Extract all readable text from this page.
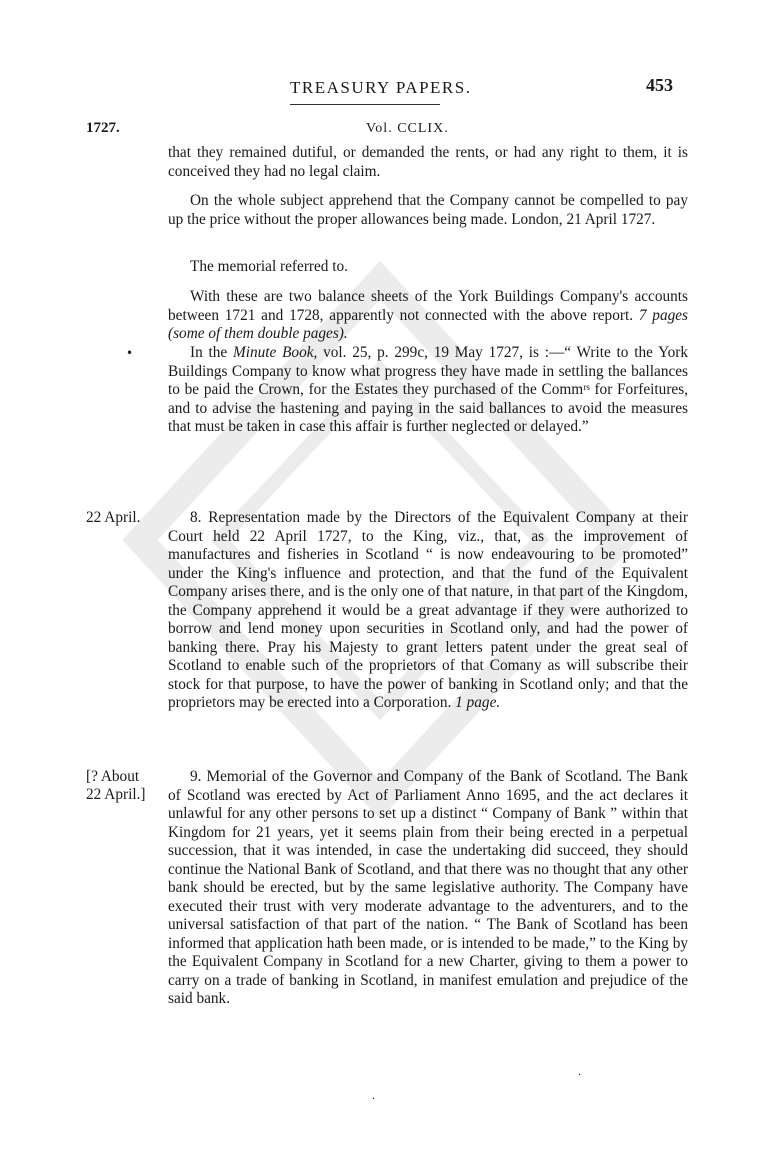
TREASURY PAPERS.	453
1727.	Vol. CCLIX.
that they remained dutiful, or demanded the rents, or had any right to them, it is conceived they had no legal claim.
On the whole subject apprehend that the Company cannot be compelled to pay up the price without the proper allowances being made. London, 21 April 1727.
The memorial referred to.
With these are two balance sheets of the York Buildings Company's accounts between 1721 and 1728, apparently not connected with the above report. 7 pages (some of them double pages).
•	In the Minute Book, vol. 25, p. 299c, 19 May 1727, is :—“ Write to the York Buildings Company to know what progress they have made in settling the ballances to be paid the Crown, for the Estates they purchased of the Commʳˢ for Forfeitures, and to advise the hastening and paying in the said ballances to avoid the measures that must be taken in case this affair is further neglected or delayed.”
22 April.	8. Representation made by the Directors of the Equivalent Company at their Court held 22 April 1727, to the King, viz., that, as the improvement of manufactures and fisheries in Scotland “ is now endeavouring to be promoted” under the King's influence and protection, and that the fund of the Equivalent Company arises there, and is the only one of that nature, in that part of the Kingdom, the Company apprehend it would be a great advantage if they were authorized to borrow and lend money upon securities in Scotland only, and had the power of banking there. Pray his Majesty to grant letters patent under the great seal of Scotland to enable such of the proprietors of that Comany as will subscribe their stock for that purpose, to have the power of banking in Scotland only; and that the proprietors may be erected into a Corporation. 1 page.
[? About
22 April.]
9. Memorial of the Governor and Company of the Bank of Scotland. The Bank of Scotland was erected by Act of Parliament Anno 1695, and the act declares it unlawful for any other persons to set up a distinct “ Company of Bank ” within that Kingdom for 21 years, yet it seems plain from their being erected in a perpetual succession, that it was intended, in case the undertaking did succeed, they should continue the National Bank of Scotland, and that there was no thought that any other bank should be erected, but by the same legislative authority. The Company have executed their trust with very moderate advantage to the adventurers, and to the universal satisfaction of that part of the nation. “ The Bank of Scotland has been informed that application hath been made, or is intended to be made,” to the King by the Equivalent Company in Scotland for a new Charter, giving to them a power to carry on a trade of banking in Scotland, in manifest emulation and prejudice of the said bank.
·
·
